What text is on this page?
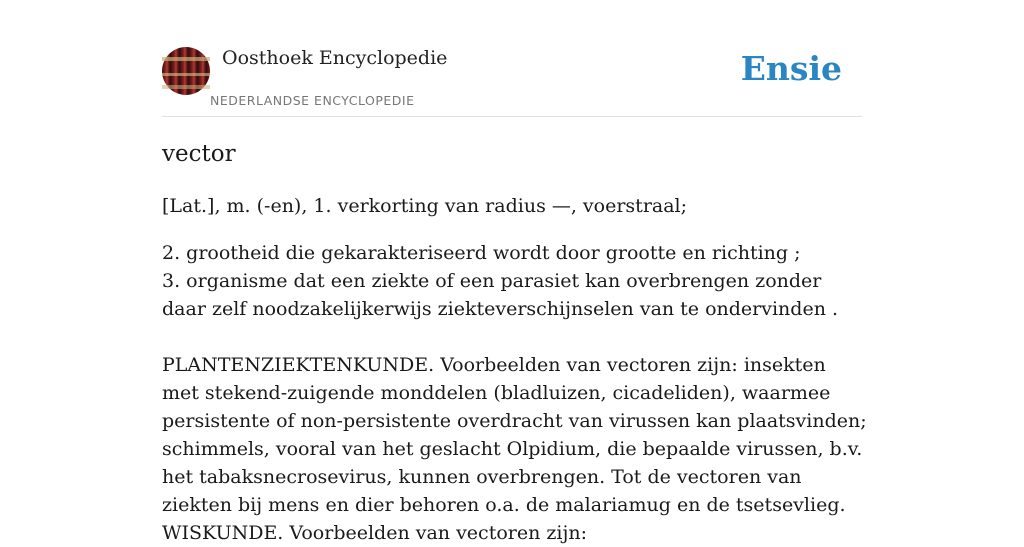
Oosthoek Encyclopedie
NEDERLANDSE ENCYCLOPEDIE
Ensie
vector

[Lat.], m. (-en), 1. verkorting van radius —, voerstraal;

2. grootheid die gekarakteriseerd wordt door grootte en richting ;
3. organisme dat een ziekte of een parasiet kan overbrengen zonder daar zelf noodzakelijkerwijs ziekteverschijnselen van te ondervinden .

PLANTENZIEKTENKUNDE. Voorbeelden van vectoren zijn: insekten met stekend-zuigende monddelen (bladluizen, cicadeliden), waarmee persistente of non-persistente overdracht van virussen kan plaatsvinden; schimmels, vooral van het geslacht Olpidium, die bepaalde virussen, b.v. het tabaksnecrosevirus, kunnen overbrengen. Tot de vectoren van ziekten bij mens en dier behoren o.a. de malariamug en de tsetsevlieg. WISKUNDE. Voorbeelden van vectoren zijn:
